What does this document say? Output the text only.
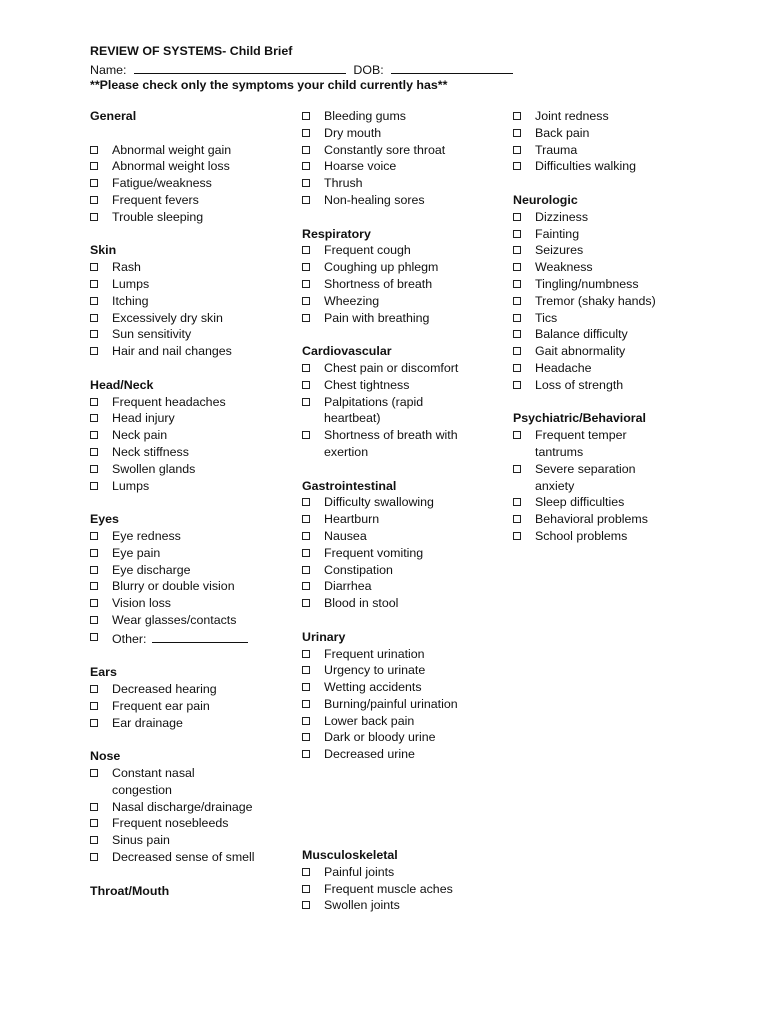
REVIEW OF SYSTEMS- Child Brief
Name:	DOB:
**Please check only the symptoms your child currently has**
General
Abnormal weight gain
Abnormal weight loss
Fatigue/weakness
Frequent fevers
Trouble sleeping
Skin
Rash
Lumps
Itching
Excessively dry skin
Sun sensitivity
Hair and nail changes
Head/Neck
Frequent headaches
Head injury
Neck pain
Neck stiffness
Swollen glands
Lumps
Eyes
Eye redness
Eye pain
Eye discharge
Blurry or double vision
Vision loss
Wear glasses/contacts
Other:
Ears
Decreased hearing
Frequent ear pain
Ear drainage
Nose
Constant nasal congestion
Nasal discharge/drainage
Frequent nosebleeds
Sinus pain
Decreased sense of smell
Throat/Mouth
Bleeding gums
Dry mouth
Constantly sore throat
Hoarse voice
Thrush
Non-healing sores
Respiratory
Frequent cough
Coughing up phlegm
Shortness of breath
Wheezing
Pain with breathing
Cardiovascular
Chest pain or discomfort
Chest tightness
Palpitations (rapid heartbeat)
Shortness of breath with exertion
Gastrointestinal
Difficulty swallowing
Heartburn
Nausea
Frequent vomiting
Constipation
Diarrhea
Blood in stool
Urinary
Frequent urination
Urgency to urinate
Wetting accidents
Burning/painful urination
Lower back pain
Dark or bloody urine
Decreased urine
Musculoskeletal
Painful joints
Frequent muscle aches
Swollen joints
Joint redness
Back pain
Trauma
Difficulties walking
Neurologic
Dizziness
Fainting
Seizures
Weakness
Tingling/numbness
Tremor (shaky hands)
Tics
Balance difficulty
Gait abnormality
Headache
Loss of strength
Psychiatric/Behavioral
Frequent temper tantrums
Severe separation anxiety
Sleep difficulties
Behavioral problems
School problems
